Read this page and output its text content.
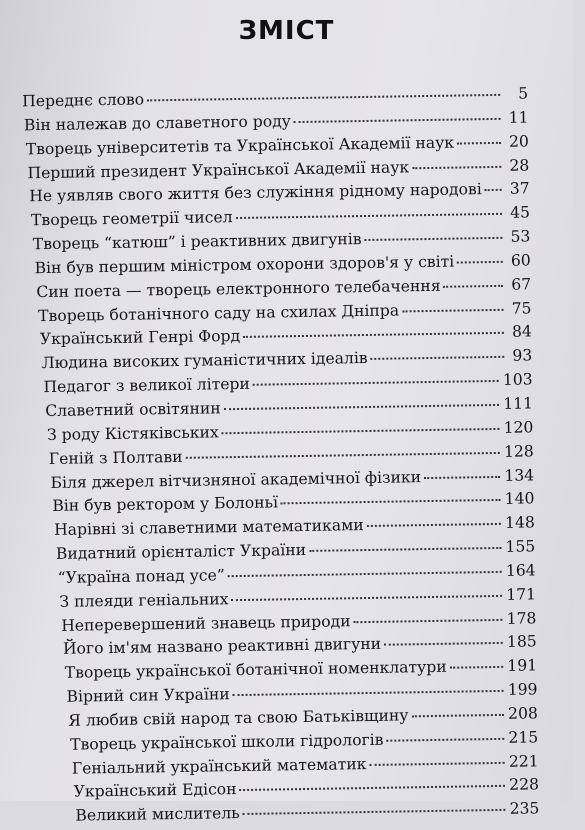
ЗМІСТ
Переднє слово	5
Він належав до славетного роду	11
Творець університетів та Української Академії наук	20
Перший президент Української Академії наук	28
Не уявляв свого життя без служіння рідному народові 37
Творець геометрії чисел	45
Творець “катюш” і реактивних двигунів	53
Він був першим міністром охорони здоров'я у світі	60
Син поета — творець електронного телебачення	67
Творець ботанічного саду на схилах Дніпра	75
Український Генрі Форд	84
Людина високих гуманістичних ідеалів	93
Педагог з великої літери	103
Славетний освітянин	111
З роду Кістяківських	120
Геній з Полтави	128
Біля джерел вітчизняної академічної фізики	134
Він був ректором у Болоньї	140
Нарівні зі славетними математиками	148
Видатний орієнталіст України	155
“Україна понад усе”	164
З плеяди геніальних	171
Неперевершений знавець природи	178
Його ім'ям названо реактивні двигуни	185
Творець української ботанічної номенклатури	191
Вірний син України	199
Я любив свій народ та свою Батьківщину	208
Творець української школи гідрологів	215
Геніальний український математик	221
Український Едісон	228
Великий мислитель	235
